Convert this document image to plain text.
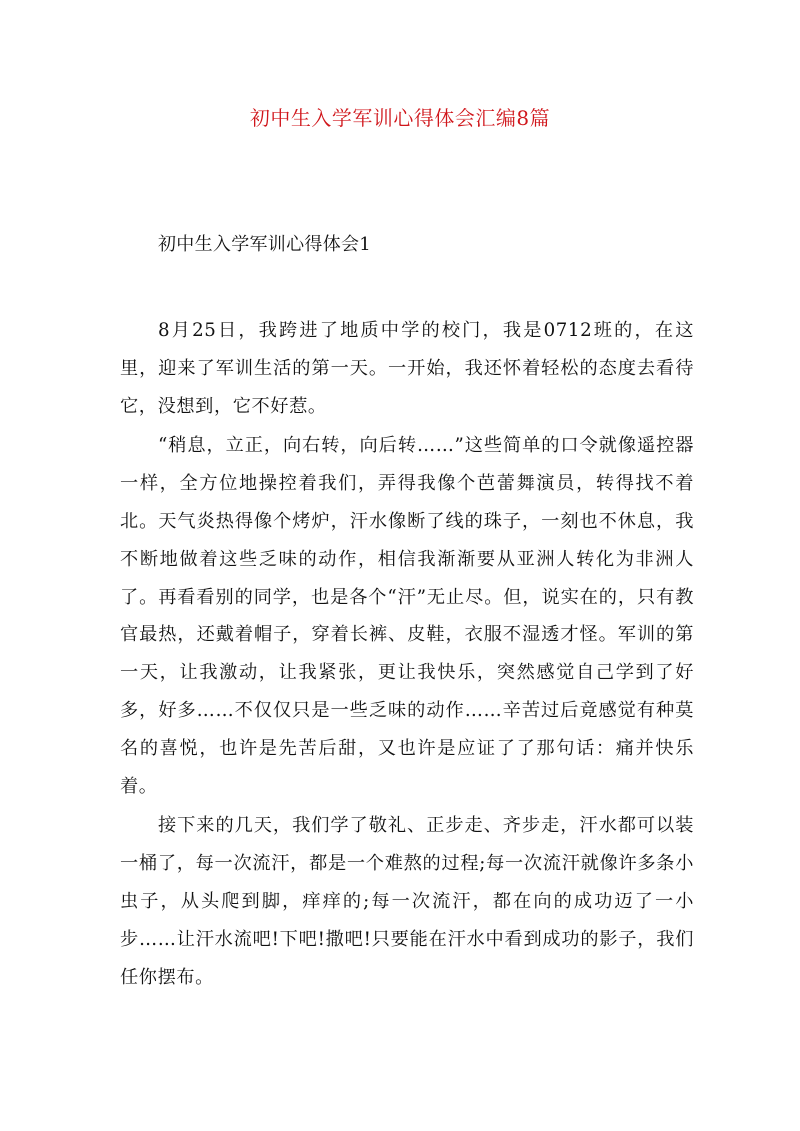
初中生入学军训心得体会汇编8篇
初中生入学军训心得体会1

8月25日，我跨进了地质中学的校门，我是0712班的，在这里，迎来了军训生活的第一天。一开始，我还怀着轻松的态度去看待它，没想到，它不好惹。

“稍息，立正，向右转，向后转……”这些简单的口令就像遥控器一样，全方位地操控着我们，弄得我像个芭蕾舞演员，转得找不着北。天气炎热得像个烤炉，汗水像断了线的珠子，一刻也不休息，我不断地做着这些乏味的动作，相信我渐渐要从亚洲人转化为非洲人了。再看看别的同学，也是各个“汗”无止尽。但，说实在的，只有教官最热，还戴着帽子，穿着长裤、皮鞋，衣服不湿透才怪。军训的第一天，让我激动，让我紧张，更让我快乐，突然感觉自己学到了好多，好多……不仅仅只是一些乏味的动作……辛苦过后竟感觉有种莫名的喜悦，也许是先苦后甜，又也许是应证了了那句话：痛并快乐着。

接下来的几天，我们学了敬礼、正步走、齐步走，汗水都可以装一桶了，每一次流汗，都是一个难熬的过程;每一次流汗就像许多条小虫子，从头爬到脚，痒痒的;每一次流汗，都在向的成功迈了一小步……让汗水流吧!下吧!撒吧!只要能在汗水中看到成功的影子，我们任你摆布。
